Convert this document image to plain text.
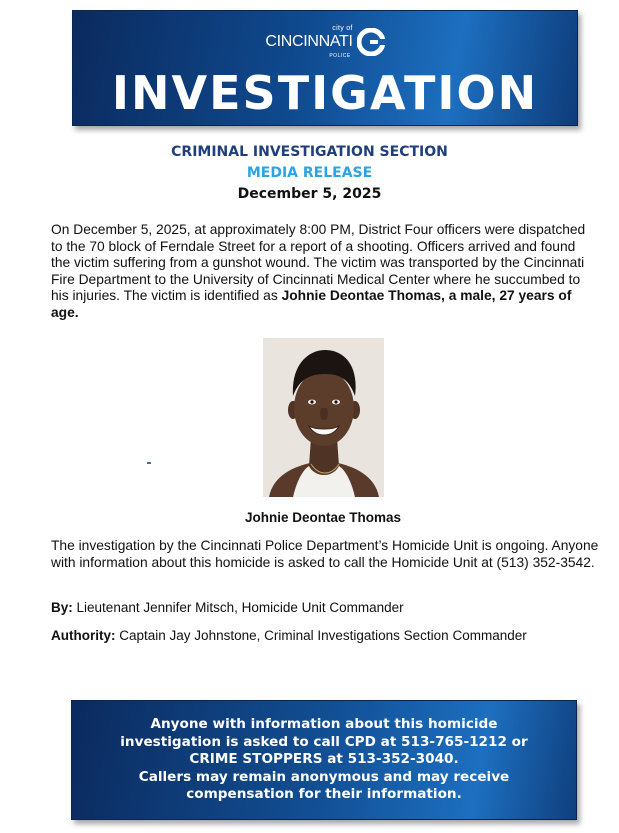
city of
CINCINNATI
POLICE
INVESTIGATION
CRIMINAL INVESTIGATION SECTION
MEDIA RELEASE
December 5, 2025
On December 5, 2025, at approximately 8:00 PM, District Four officers were dispatched to the 70 block of Ferndale Street for a report of a shooting. Officers arrived and found the victim suffering from a gunshot wound. The victim was transported by the Cincinnati Fire Department to the University of Cincinnati Medical Center where he succumbed to his injuries. The victim is identified as Johnie Deontae Thomas, a male, 27 years of age.
Johnie Deontae Thomas
The investigation by the Cincinnati Police Department’s Homicide Unit is ongoing. Anyone with information about this homicide is asked to call the Homicide Unit at (513) 352-3542.
By: Lieutenant Jennifer Mitsch, Homicide Unit Commander
Authority: Captain Jay Johnstone, Criminal Investigations Section Commander
Anyone with information about this homicide
investigation is asked to call CPD at 513-765-1212 or
CRIME STOPPERS at 513-352-3040.
Callers may remain anonymous and may receive
compensation for their information.
